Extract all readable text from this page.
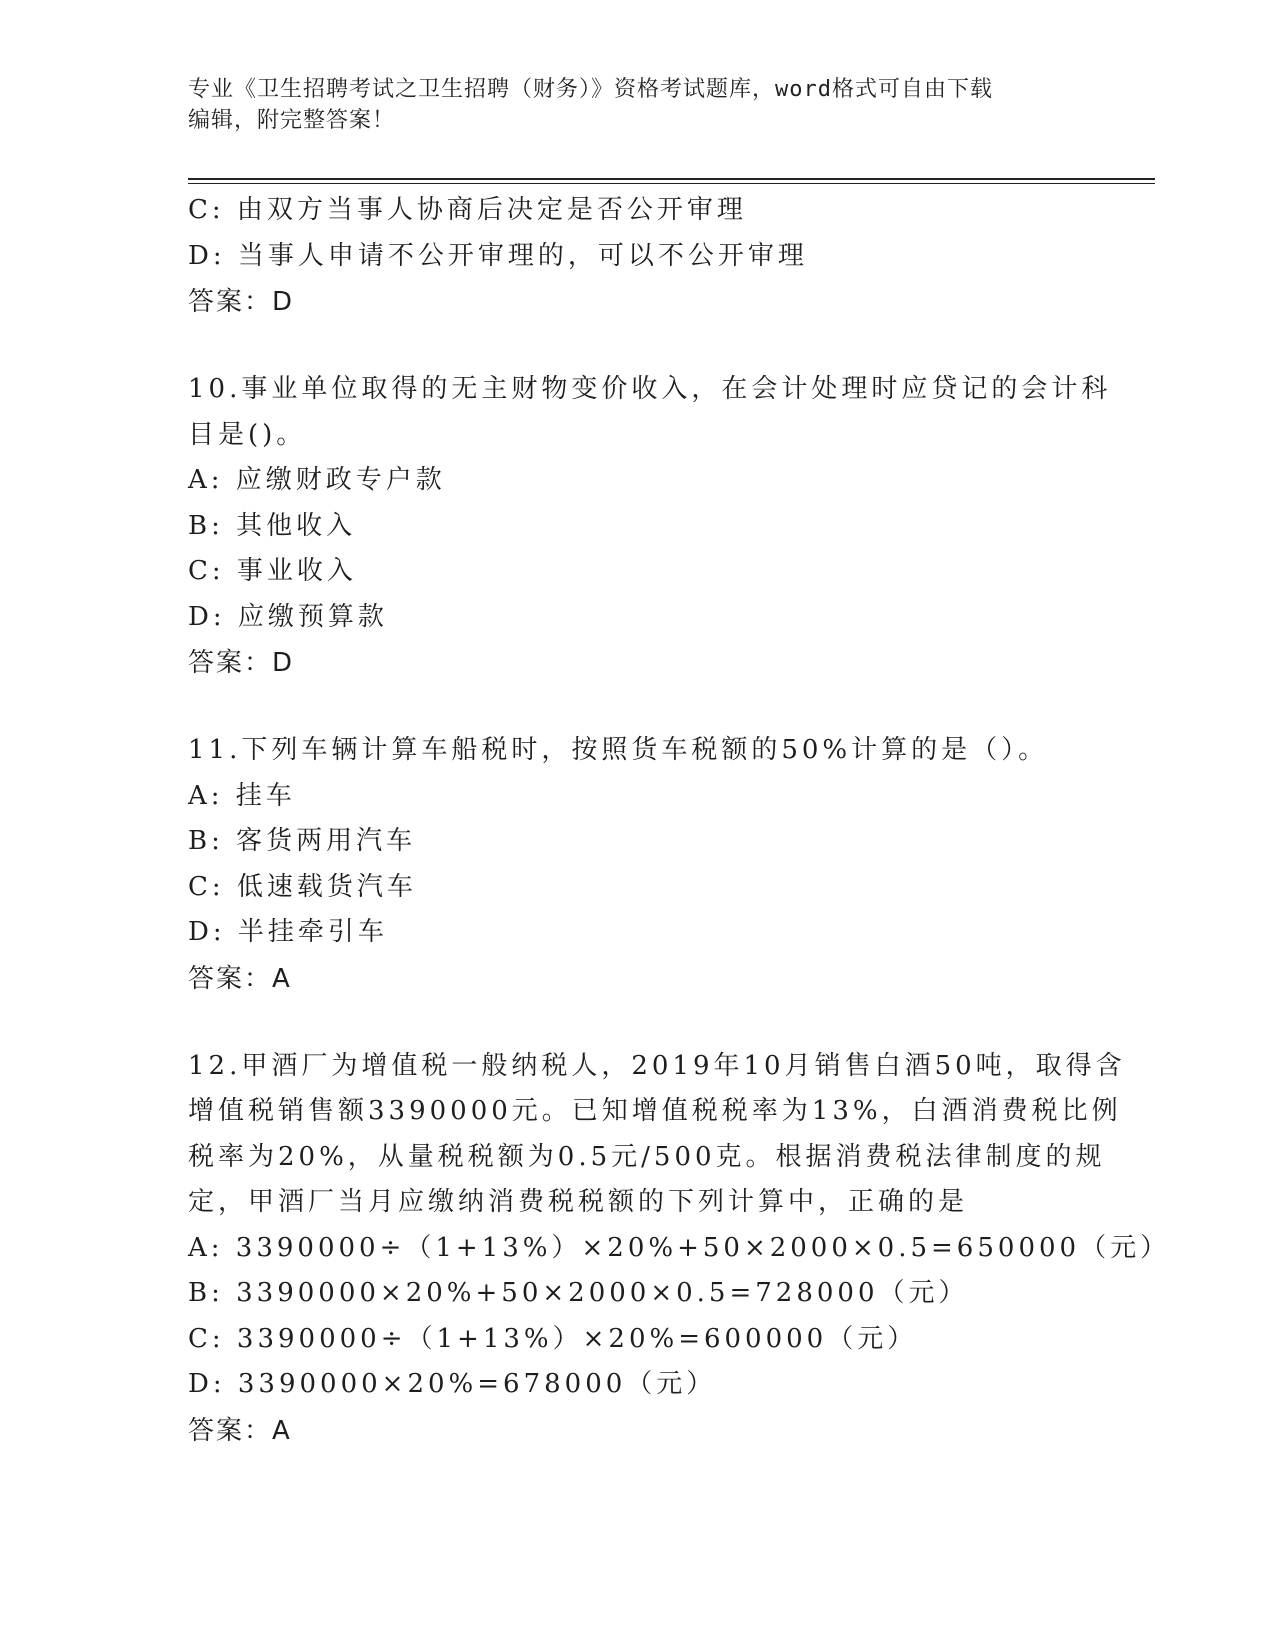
专业《卫生招聘考试之卫生招聘（财务）》资格考试题库，word格式可自由下载
编辑，附完整答案！
C: 由双方当事人协商后决定是否公开审理
D: 当事人申请不公开审理的，可以不公开审理
答案：D
10.事业单位取得的无主财物变价收入，在会计处理时应贷记的会计科
目是()。
A: 应缴财政专户款
B: 其他收入
C: 事业收入
D: 应缴预算款
答案：D
11.下列车辆计算车船税时，按照货车税额的50%计算的是（）。
A: 挂车
B: 客货两用汽车
C: 低速载货汽车
D: 半挂牵引车
答案：A
12.甲酒厂为增值税一般纳税人，2019年10月销售白酒50吨，取得含
增值税销售额3390000元。已知增值税税率为13%，白酒消费税比例
税率为20%，从量税税额为0.5元/500克。根据消费税法律制度的规
定，甲酒厂当月应缴纳消费税税额的下列计算中，正确的是
A: 3390000÷（1+13%）×20%+50×2000×0.5=650000（元）
B: 3390000×20%+50×2000×0.5=728000（元）
C: 3390000÷（1+13%）×20%=600000（元）
D: 3390000×20%=678000（元）
答案：A
